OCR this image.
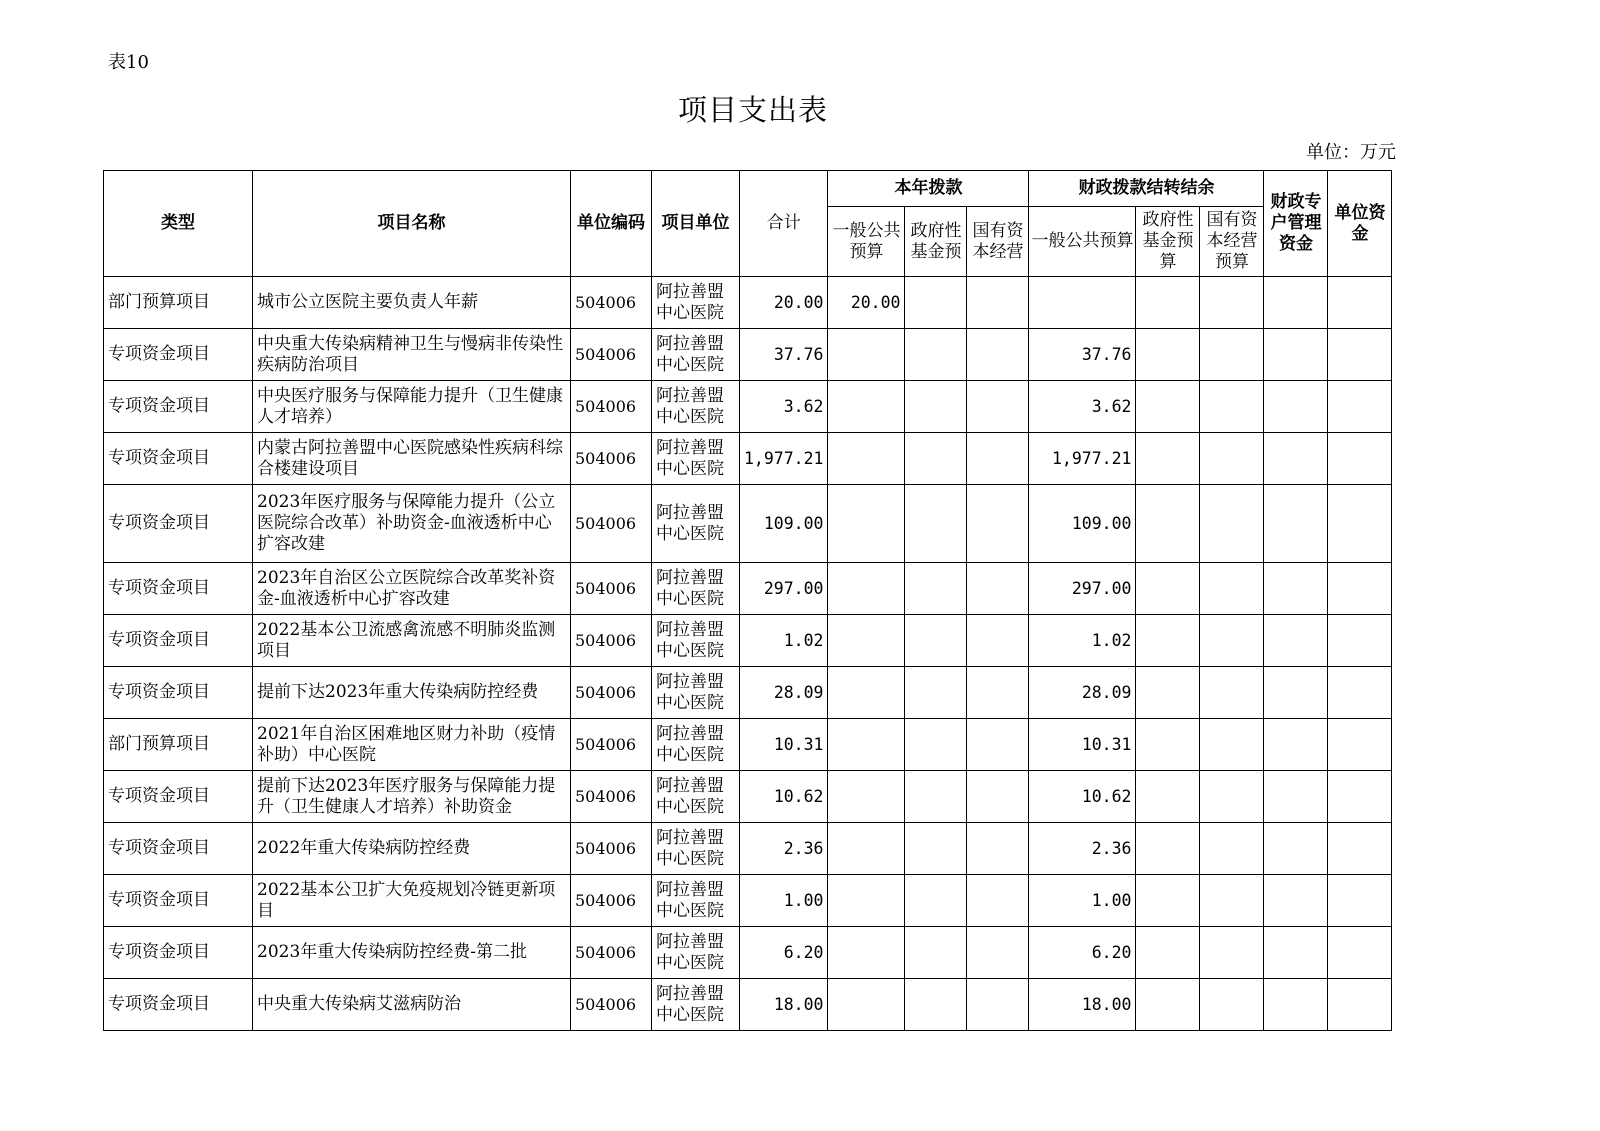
表10
项目支出表
单位：万元
类型	项目名称	单位编码	项目单位	合计	本年拨款			财政拨款结转结余			财政专户管理资金	单位资金

					一般公共预算	政府性基金预	国有资本经营	一般公共预算	政府性基金预算	国有资本经营预算		

部门预算项目	城市公立医院主要负责人年薪	504006	阿拉善盟中心医院	20.00	20.00							
专项资金项目	中央重大传染病精神卫生与慢病非传染性疾病防治项目	504006	阿拉善盟中心医院	37.76				37.76				
专项资金项目	中央医疗服务与保障能力提升（卫生健康人才培养）	504006	阿拉善盟中心医院	3.62				3.62				
专项资金项目	内蒙古阿拉善盟中心医院感染性疾病科综合楼建设项目	504006	阿拉善盟中心医院	1,977.21				1,977.21				
专项资金项目	2023年医疗服务与保障能力提升（公立医院综合改革）补助资金-血液透析中心扩容改建	504006	阿拉善盟中心医院	109.00				109.00				
专项资金项目	2023年自治区公立医院综合改革奖补资金-血液透析中心扩容改建	504006	阿拉善盟中心医院	297.00				297.00				
专项资金项目	2022基本公卫流感禽流感不明肺炎监测项目	504006	阿拉善盟中心医院	1.02				1.02				
专项资金项目	提前下达2023年重大传染病防控经费	504006	阿拉善盟中心医院	28.09				28.09				
部门预算项目	2021年自治区困难地区财力补助（疫情补助）中心医院	504006	阿拉善盟中心医院	10.31				10.31				
专项资金项目	提前下达2023年医疗服务与保障能力提升（卫生健康人才培养）补助资金	504006	阿拉善盟中心医院	10.62				10.62				
专项资金项目	2022年重大传染病防控经费	504006	阿拉善盟中心医院	2.36				2.36				
专项资金项目	2022基本公卫扩大免疫规划冷链更新项目	504006	阿拉善盟中心医院	1.00				1.00				
专项资金项目	2023年重大传染病防控经费-第二批	504006	阿拉善盟中心医院	6.20				6.20				
专项资金项目	中央重大传染病艾滋病防治	504006	阿拉善盟中心医院	18.00				18.00				
